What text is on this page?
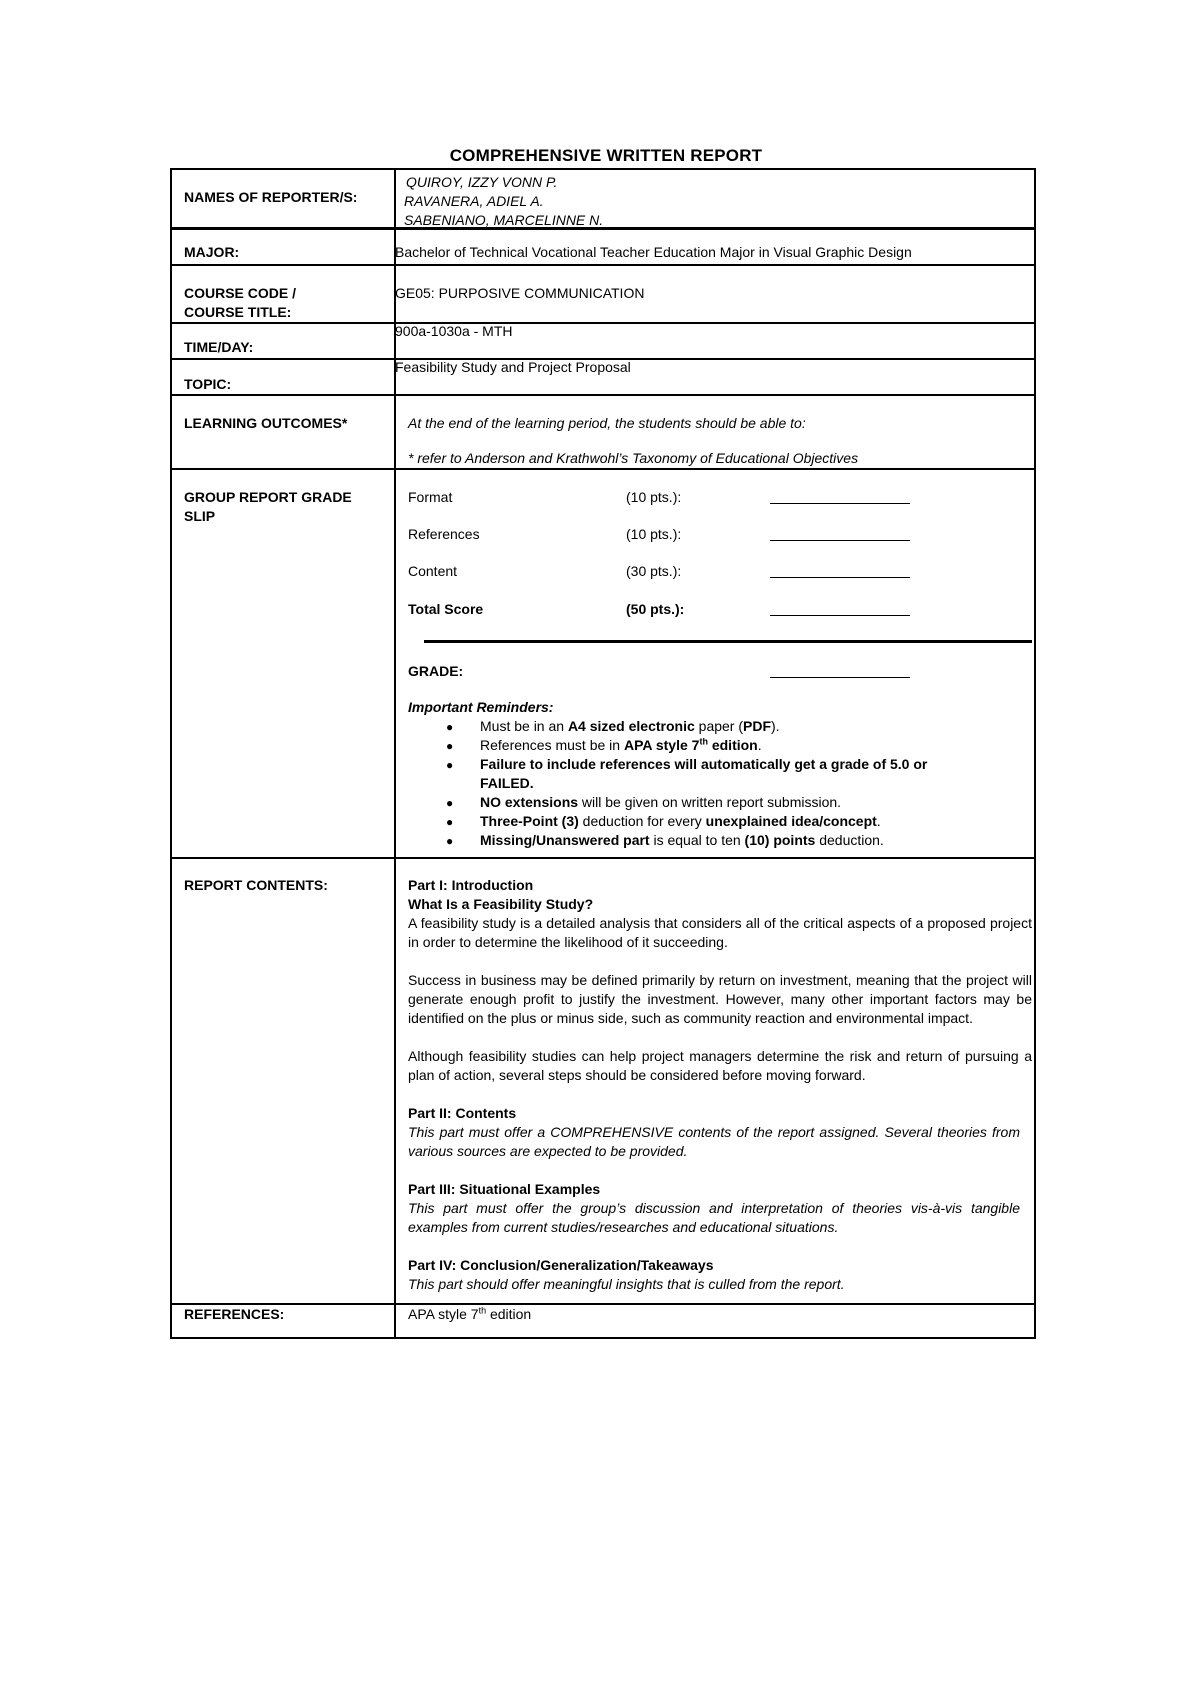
COMPREHENSIVE WRITTEN REPORT
NAMES OF REPORTER/S:
QUIROY, IZZY VONN P.
RAVANERA, ADIEL A.
SABENIANO, MARCELINNE N.
MAJOR:	Bachelor of Technical Vocational Teacher Education Major in Visual Graphic Design
COURSE CODE /
COURSE TITLE:
GE05: PURPOSIVE COMMUNICATION
TIME/DAY:
900a-1030a - MTH
TOPIC:
Feasibility Study and Project Proposal
LEARNING OUTCOMES*	At the end of the learning period, the students should be able to:
* refer to Anderson and Krathwohl’s Taxonomy of Educational Objectives
GROUP REPORT GRADE
SLIP
Format	(10 pts.):
References	(10 pts.):
Content	(30 pts.):
Total Score	(50 pts.):
GRADE:
Important Reminders:
● Must be in an A4 sized electronic paper (PDF).
● References must be in APA style 7th edition.
● Failure to include references will automatically get a grade of 5.0 or
FAILED.
● NO extensions will be given on written report submission.
● Three-Point (3) deduction for every unexplained idea/concept.
● Missing/Unanswered part is equal to ten (10) points deduction.
REPORT CONTENTS:	Part I: Introduction
What Is a Feasibility Study?
A feasibility study is a detailed analysis that considers all of the critical aspects of a proposed project in order to determine the likelihood of it succeeding.
Success in business may be defined primarily by return on investment, meaning that the project will generate enough profit to justify the investment. However, many other important factors may be identified on the plus or minus side, such as community reaction and environmental impact.
Although feasibility studies can help project managers determine the risk and return of pursuing a plan of action, several steps should be considered before moving forward.
Part II: Contents
This part must offer a COMPREHENSIVE contents of the report assigned. Several theories from various sources are expected to be provided.
Part III: Situational Examples
This part must offer the group’s discussion and interpretation of theories vis-à-vis tangible examples from current studies/researches and educational situations.
Part IV: Conclusion/Generalization/Takeaways
This part should offer meaningful insights that is culled from the report.
REFERENCES:	APA style 7th edition
